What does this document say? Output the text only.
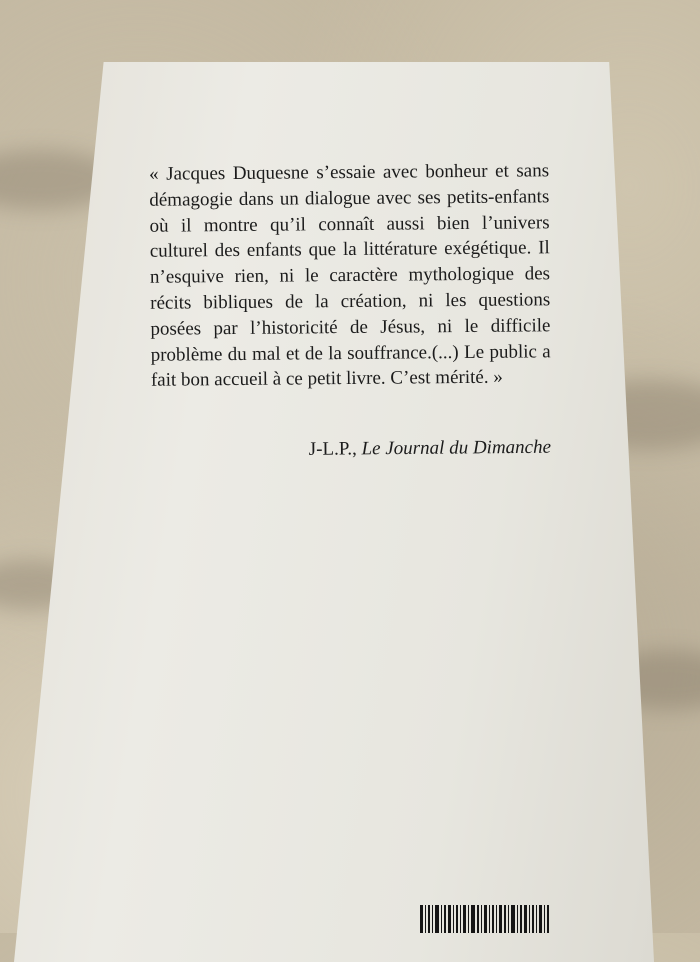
« Jacques Duquesne s’essaie avec bonheur et sans démagogie dans un dialogue avec ses petits-enfants où il montre qu’il connaît aussi bien l’univers culturel des enfants que la littérature exégétique. Il n’esquive rien, ni le caractère mythologique des récits bibliques de la création, ni les questions posées par l’historicité de Jésus, ni le difficile problème du mal et de la souffrance.(...) Le public a fait bon accueil à ce petit livre. C’est mérité. »

J-L.P., Le Journal du Dimanche
